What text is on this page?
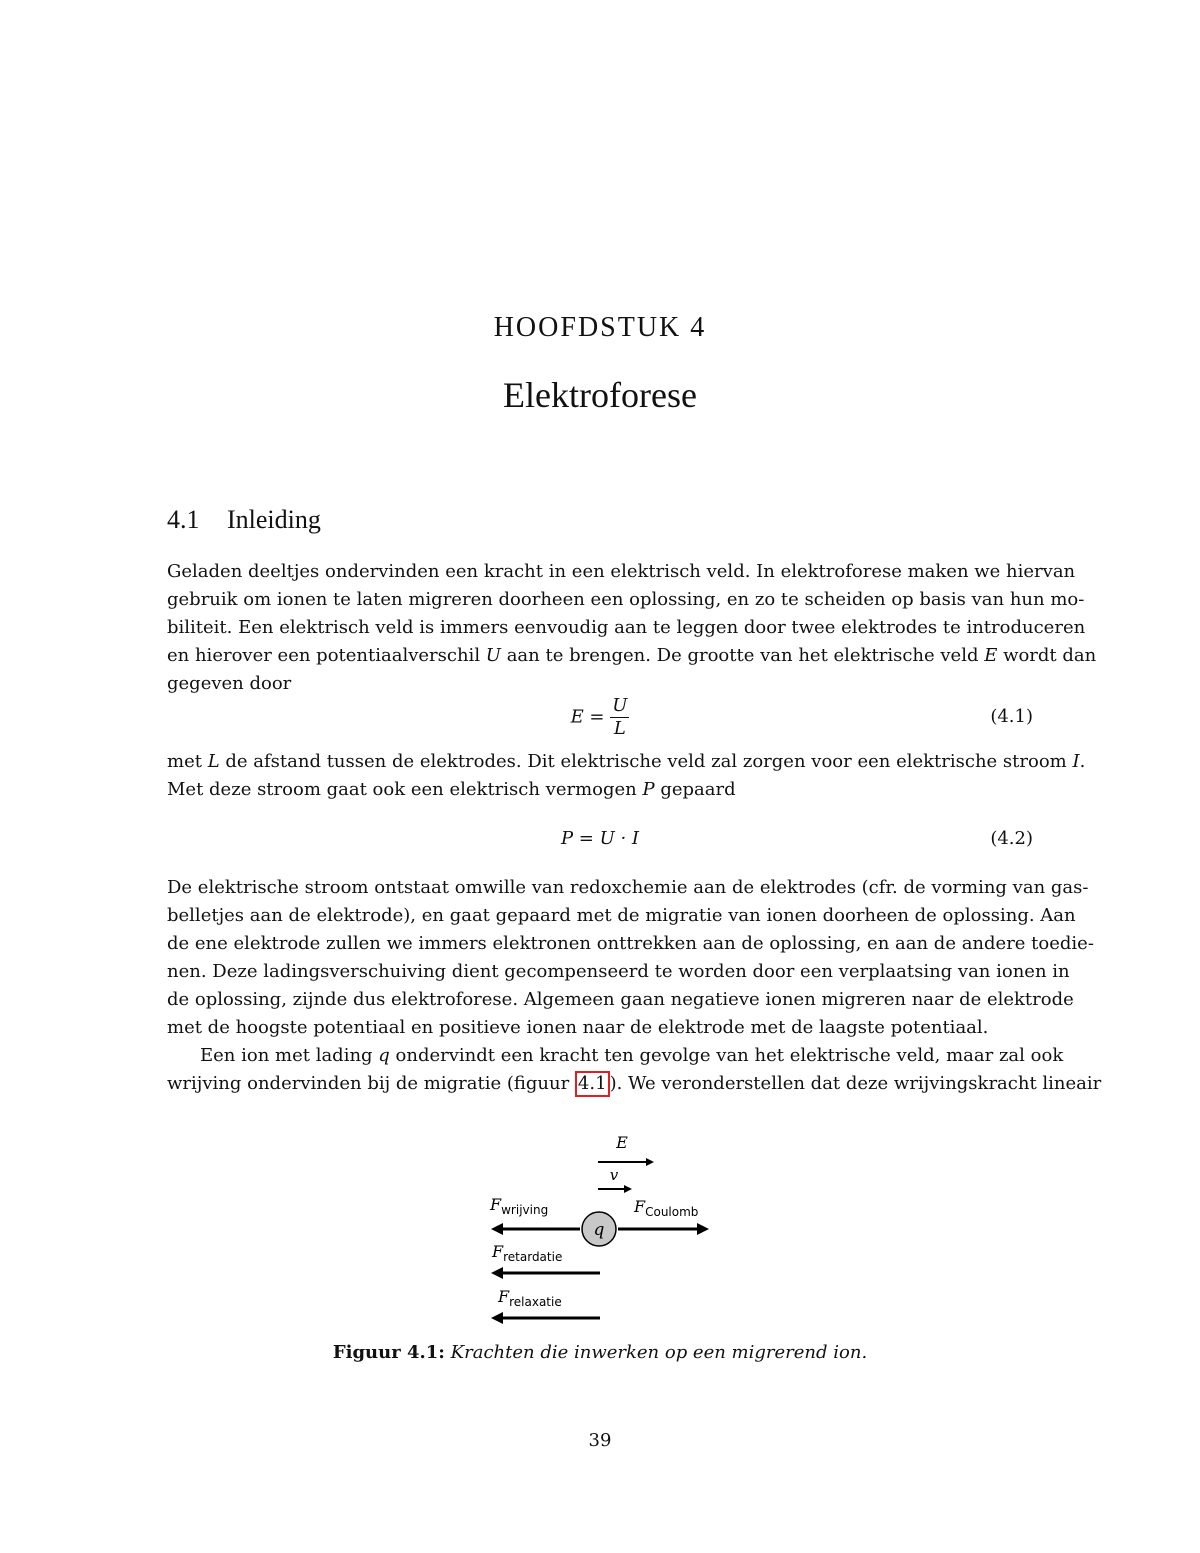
HOOFDSTUK 4
Elektroforese
4.1 Inleiding
Geladen deeltjes ondervinden een kracht in een elektrisch veld. In elektroforese maken we hiervan
gebruik om ionen te laten migreren doorheen een oplossing, en zo te scheiden op basis van hun mo-
biliteit. Een elektrisch veld is immers eenvoudig aan te leggen door twee elektrodes te introduceren
en hierover een potentiaalverschil U aan te brengen. De grootte van het elektrische veld E wordt dan
gegeven door
$E = \frac{U}{L}$	(4.1)
met L de afstand tussen de elektrodes. Dit elektrische veld zal zorgen voor een elektrische stroom I.
Met deze stroom gaat ook een elektrisch vermogen P gepaard
P = U · I	(4.2)
De elektrische stroom ontstaat omwille van redoxchemie aan de elektrodes (cfr. de vorming van gas-
belletjes aan de elektrode), en gaat gepaard met de migratie van ionen doorheen de oplossing. Aan
de ene elektrode zullen we immers elektronen onttrekken aan de oplossing, en aan de andere toedie-
nen. Deze ladingsverschuiving dient gecompenseerd te worden door een verplaatsing van ionen in
de oplossing, zijnde dus elektroforese. Algemeen gaan negatieve ionen migreren naar de elektrode
met de hoogste potentiaal en positieve ionen naar de elektrode met de laagste potentiaal.
Een ion met lading q ondervindt een kracht ten gevolge van het elektrische veld, maar zal ook
wrijving ondervinden bij de migratie (figuur 4.1 ). We veronderstellen dat deze wrijvingskracht lineair
E
v
$F_{wrijving}$	$F_{Coulomb}$
q
$F_{retardatie}$
$F_{relaxatie}$
Figuur 4.1: Krachten die inwerken op een migrerend ion.
39
